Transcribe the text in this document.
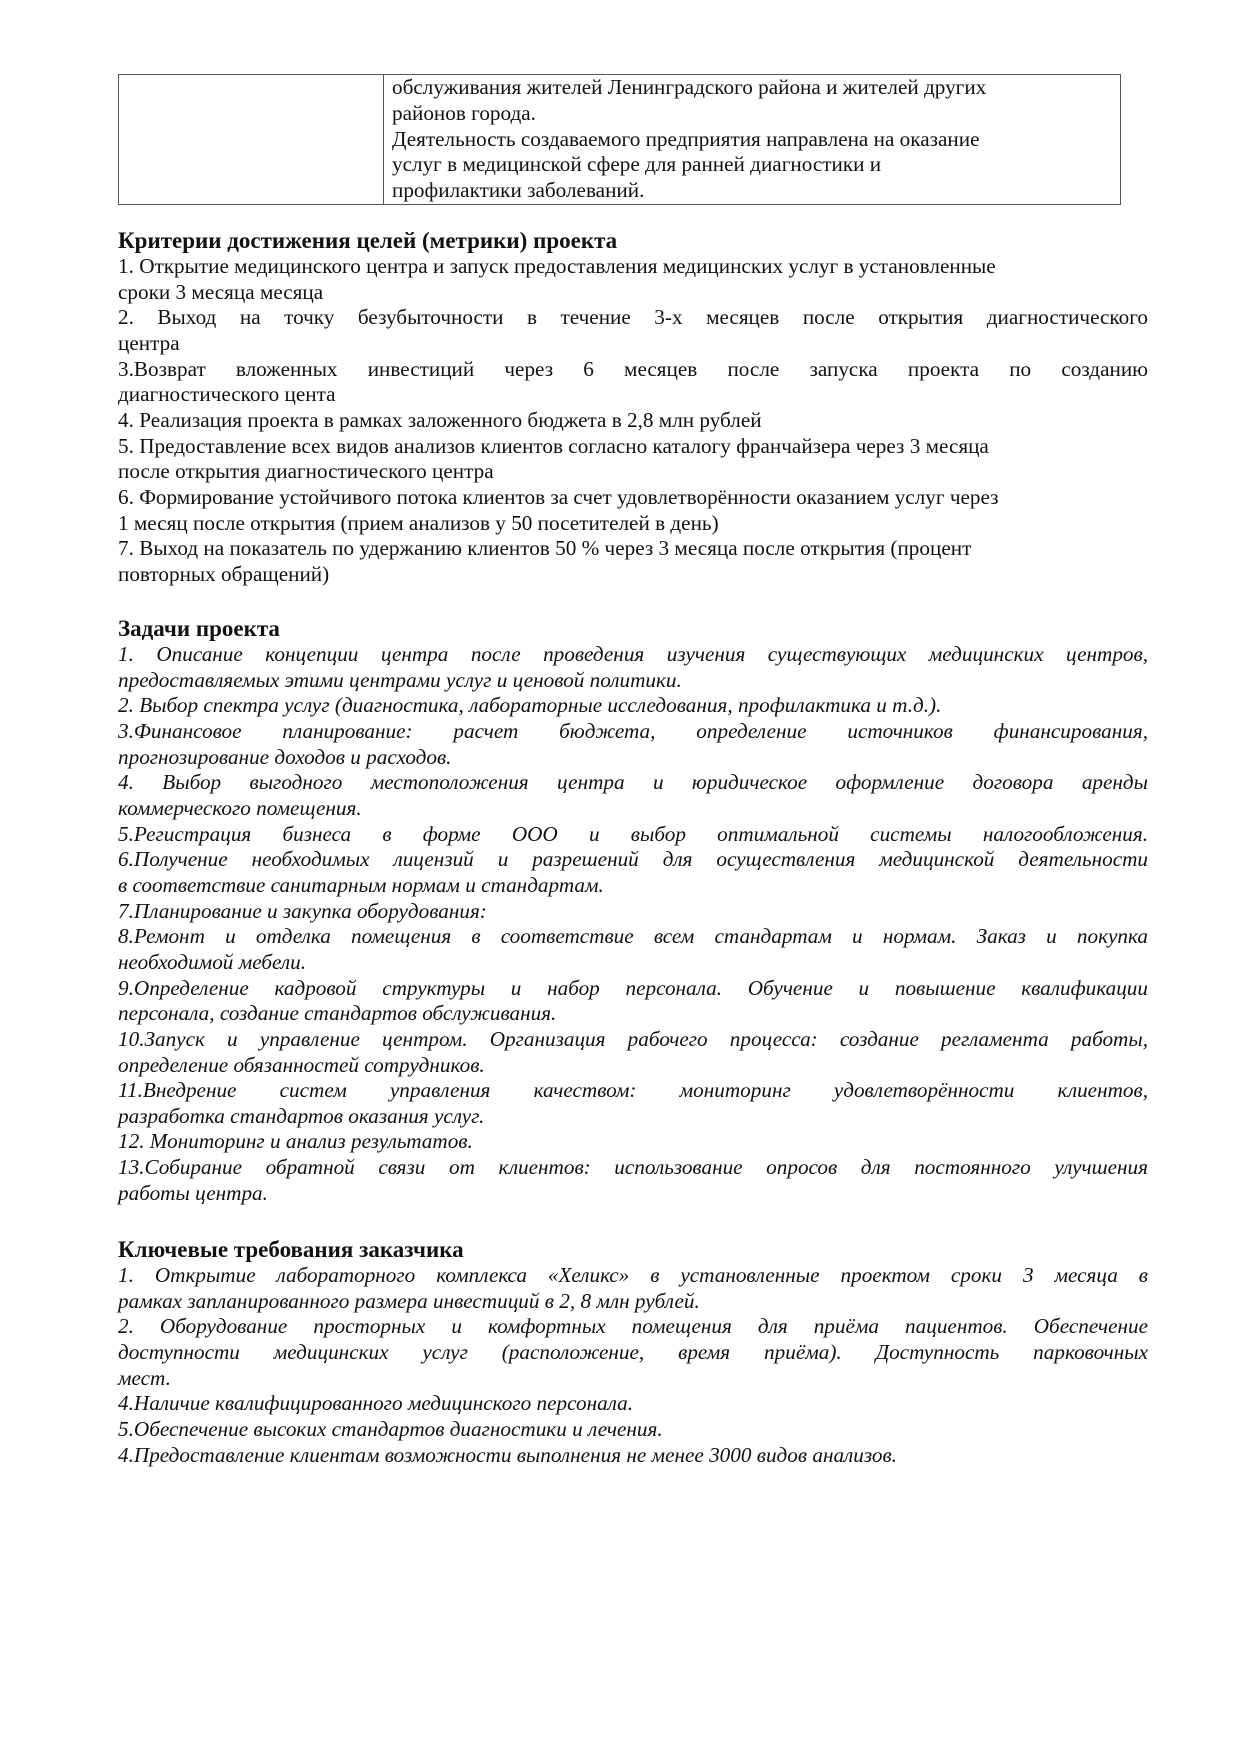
обслуживания жителей Ленинградского района и жителей других
районов города.
Деятельность создаваемого предприятия направлена на оказание
услуг в медицинской сфере для ранней диагностики и
профилактики заболеваний.
Критерии достижения целей (метрики) проекта
1. Открытие медицинского центра и запуск предоставления медицинских услуг в установленные
сроки 3 месяца месяца
2. Выход на точку безубыточности в течение 3-х месяцев после открытия диагностического
центра
3.Возврат вложенных инвестиций через 6 месяцев после запуска проекта по созданию
диагностического цента
4. Реализация проекта в рамках заложенного бюджета в 2,8 млн рублей
5. Предоставление всех видов анализов клиентов согласно каталогу франчайзера через 3 месяца
после открытия диагностического центра
6. Формирование устойчивого потока клиентов за счет удовлетворённости оказанием услуг через
1 месяц после открытия (прием анализов у 50 посетителей в день)
7. Выход на показатель по удержанию клиентов 50 % через 3 месяца после открытия (процент
повторных обращений)
Задачи проекта
1. Описание концепции центра после проведения изучения существующих медицинских центров,
предоставляемых этими центрами услуг и ценовой политики.
2. Выбор спектра услуг (диагностика, лабораторные исследования, профилактика и т.д.).
3.Финансовое планирование: расчет бюджета, определение источников финансирования,
прогнозирование доходов и расходов.
4. Выбор выгодного местоположения центра и юридическое оформление договора аренды
коммерческого помещения.
5.Регистрация бизнеса в форме ООО и выбор оптимальной системы налогообложения.
6.Получение необходимых лицензий и разрешений для осуществления медицинской деятельности
в соответствие санитарным нормам и стандартам.
7.Планирование и закупка оборудования:
8.Ремонт и отделка помещения в соответствие всем стандартам и нормам. Заказ и покупка
необходимой мебели.
9.Определение кадровой структуры и набор персонала. Обучение и повышение квалификации
персонала, создание стандартов обслуживания.
10.Запуск и управление центром. Организация рабочего процесса: создание регламента работы,
определение обязанностей сотрудников.
11.Внедрение систем управления качеством: мониторинг удовлетворённости клиентов,
разработка стандартов оказания услуг.
12. Мониторинг и анализ результатов.
13.Собирание обратной связи от клиентов: использование опросов для постоянного улучшения
работы центра.
Ключевые требования заказчика
1. Открытие лабораторного комплекса «Хеликс» в установленные проектом сроки 3 месяца в
рамках запланированного размера инвестиций в 2, 8 млн рублей.
2. Оборудование просторных и комфортных помещения для приёма пациентов. Обеспечение
доступности медицинских услуг (расположение, время приёма). Доступность парковочных
мест.
4.Наличие квалифицированного медицинского персонала.
5.Обеспечение высоких стандартов диагностики и лечения.
4.Предоставление клиентам возможности выполнения не менее 3000 видов анализов.
